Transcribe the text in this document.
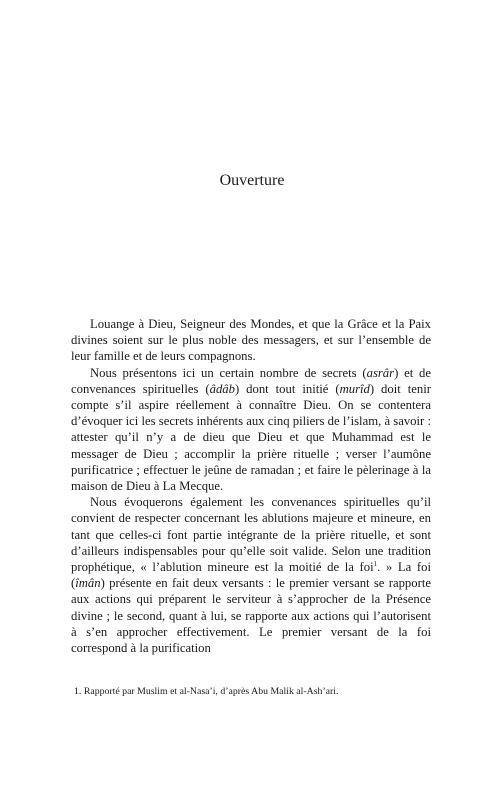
Ouverture

Louange à Dieu, Seigneur des Mondes, et que la Grâce et la Paix divines soient sur le plus noble des messagers, et sur l’ensemble de leur famille et de leurs compagnons.

Nous présentons ici un certain nombre de secrets (asrâr) et de convenances spirituelles (âdâb) dont tout initié (murîd) doit tenir compte s’il aspire réellement à connaître Dieu. On se contentera d’évoquer ici les secrets inhérents aux cinq piliers de l’islam, à savoir : attester qu’il n’y a de dieu que Dieu et que Muhammad est le messager de Dieu ; accomplir la prière rituelle ; verser l’aumône purificatrice ; effectuer le jeûne de ramadan ; et faire le pèlerinage à la maison de Dieu à La Mecque.

Nous évoquerons également les convenances spirituelles qu’il convient de respecter concernant les ablutions majeure et mineure, en tant que celles-ci font partie intégrante de la prière rituelle, et sont d’ailleurs indispensables pour qu’elle soit valide. Selon une tradition prophétique, « l’ablution mineure est la moitié de la foi$^1$. » La foi (îmân) présente en fait deux versants : le premier versant se rapporte aux actions qui préparent le serviteur à s’approcher de la Présence divine ; le second, quant à lui, se rapporte aux actions qui l’autorisent à s’en approcher effectivement. Le premier versant de la foi correspond à la purification

1. Rapporté par Muslim et al-Nasa’i, d’après Abu Malik al-Ash’ari.
